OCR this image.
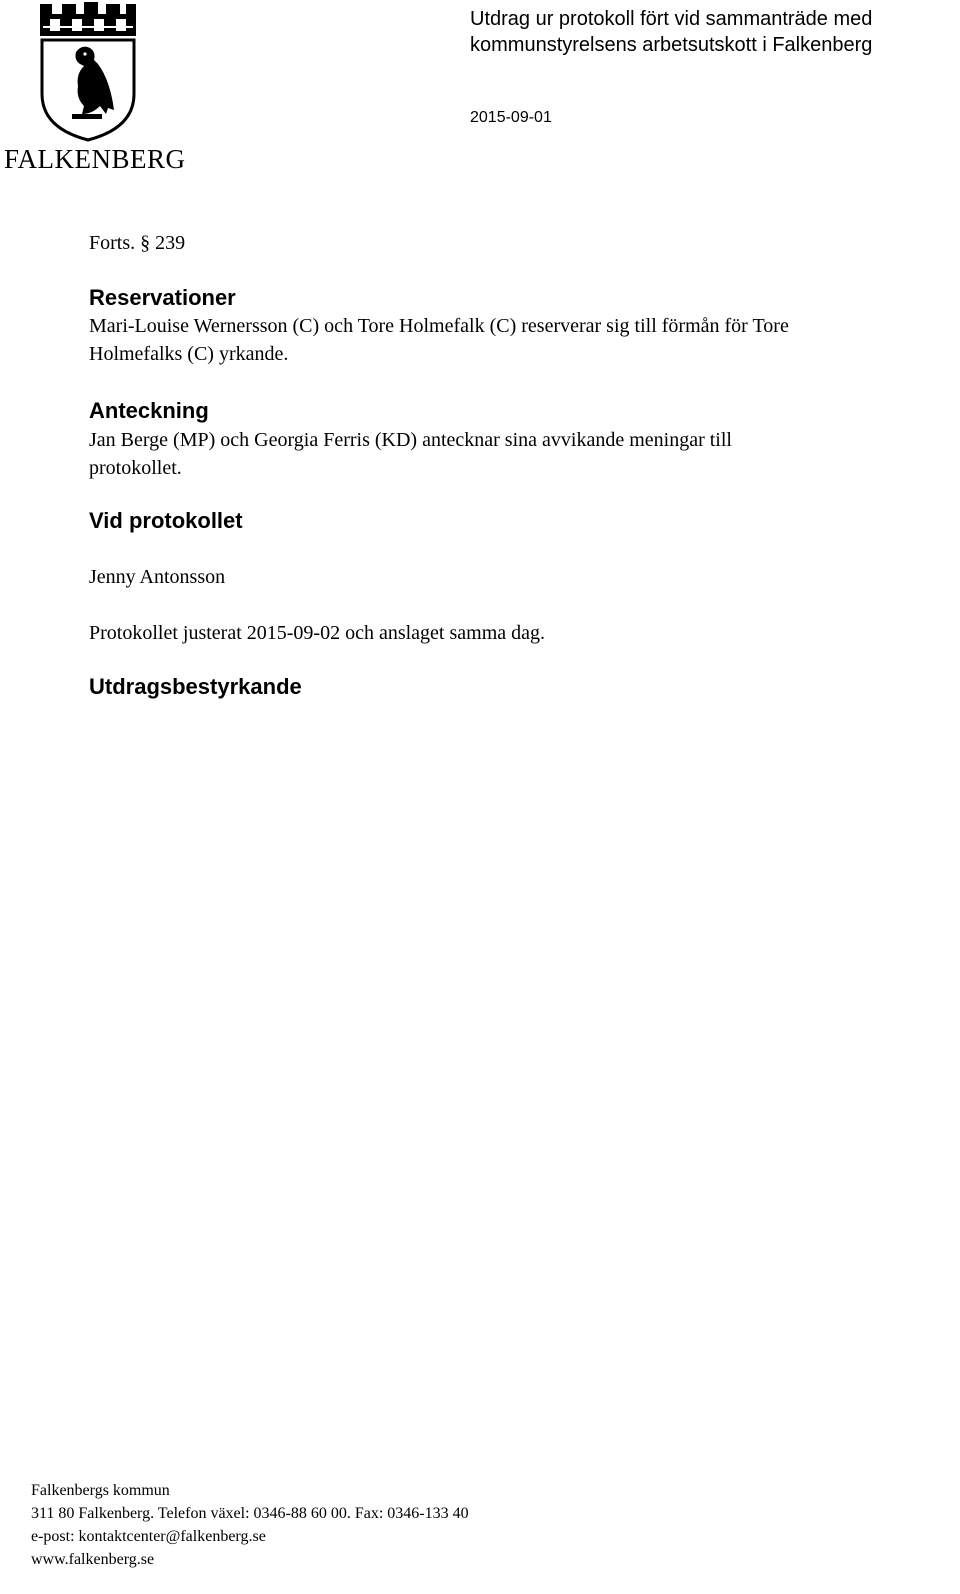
FALKENBERG
Utdrag ur protokoll fört vid sammanträde med
kommunstyrelsens arbetsutskott i Falkenberg
2015-09-01
Forts. § 239
Reservationer
Mari-Louise Wernersson (C) och Tore Holmefalk (C) reserverar sig till förmån för Tore
Holmefalks (C) yrkande.
Anteckning
Jan Berge (MP) och Georgia Ferris (KD) antecknar sina avvikande meningar till
protokollet.
Vid protokollet
Jenny Antonsson
Protokollet justerat 2015-09-02 och anslaget samma dag.
Utdragsbestyrkande
Falkenbergs kommun
311 80 Falkenberg. Telefon växel: 0346-88 60 00. Fax: 0346-133 40
e-post: kontaktcenter@falkenberg.se
www.falkenberg.se
